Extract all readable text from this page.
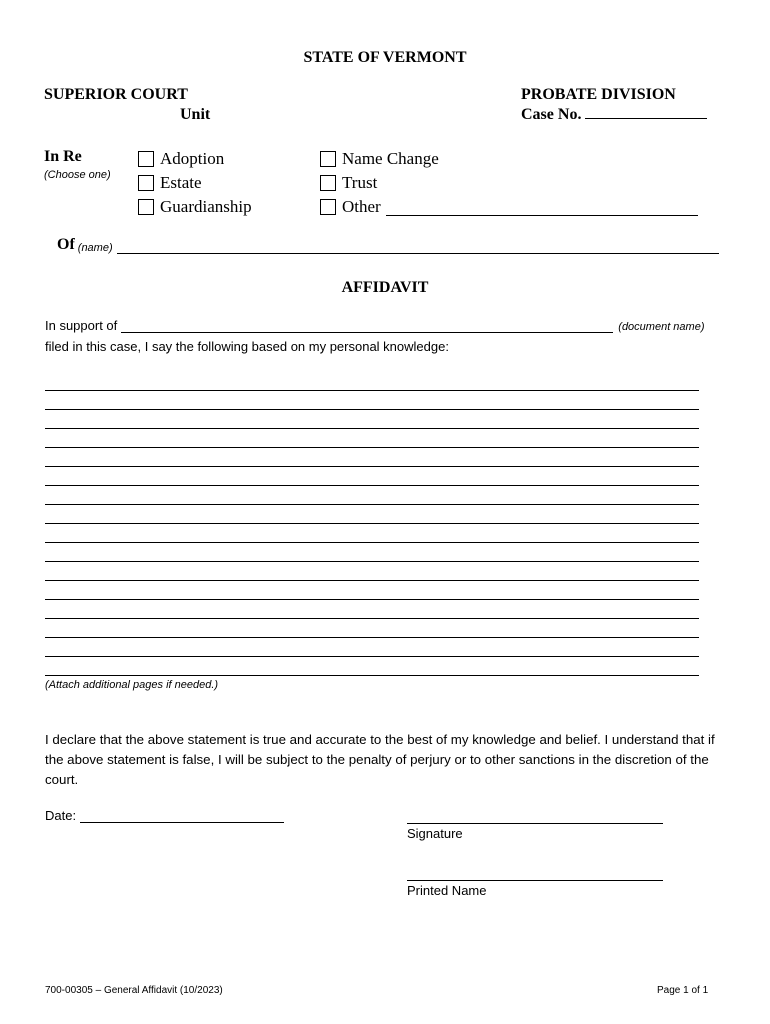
STATE OF VERMONT
SUPERIOR COURT
Unit
PROBATE DIVISION
Case No.
In Re
(Choose one)
Adoption
Estate
Guardianship
Name Change
Trust
Other
Of (name)
AFFIDAVIT
In support of	(document name)
filed in this case, I say the following based on my personal knowledge:
(Attach additional pages if needed.)
I declare that the above statement is true and accurate to the best of my knowledge and belief. I understand that if the above statement is false, I will be subject to the penalty of perjury or to other sanctions in the discretion of the court.
Date:
Signature
Printed Name
700-00305 – General Affidavit (10/2023)	Page 1 of 1
